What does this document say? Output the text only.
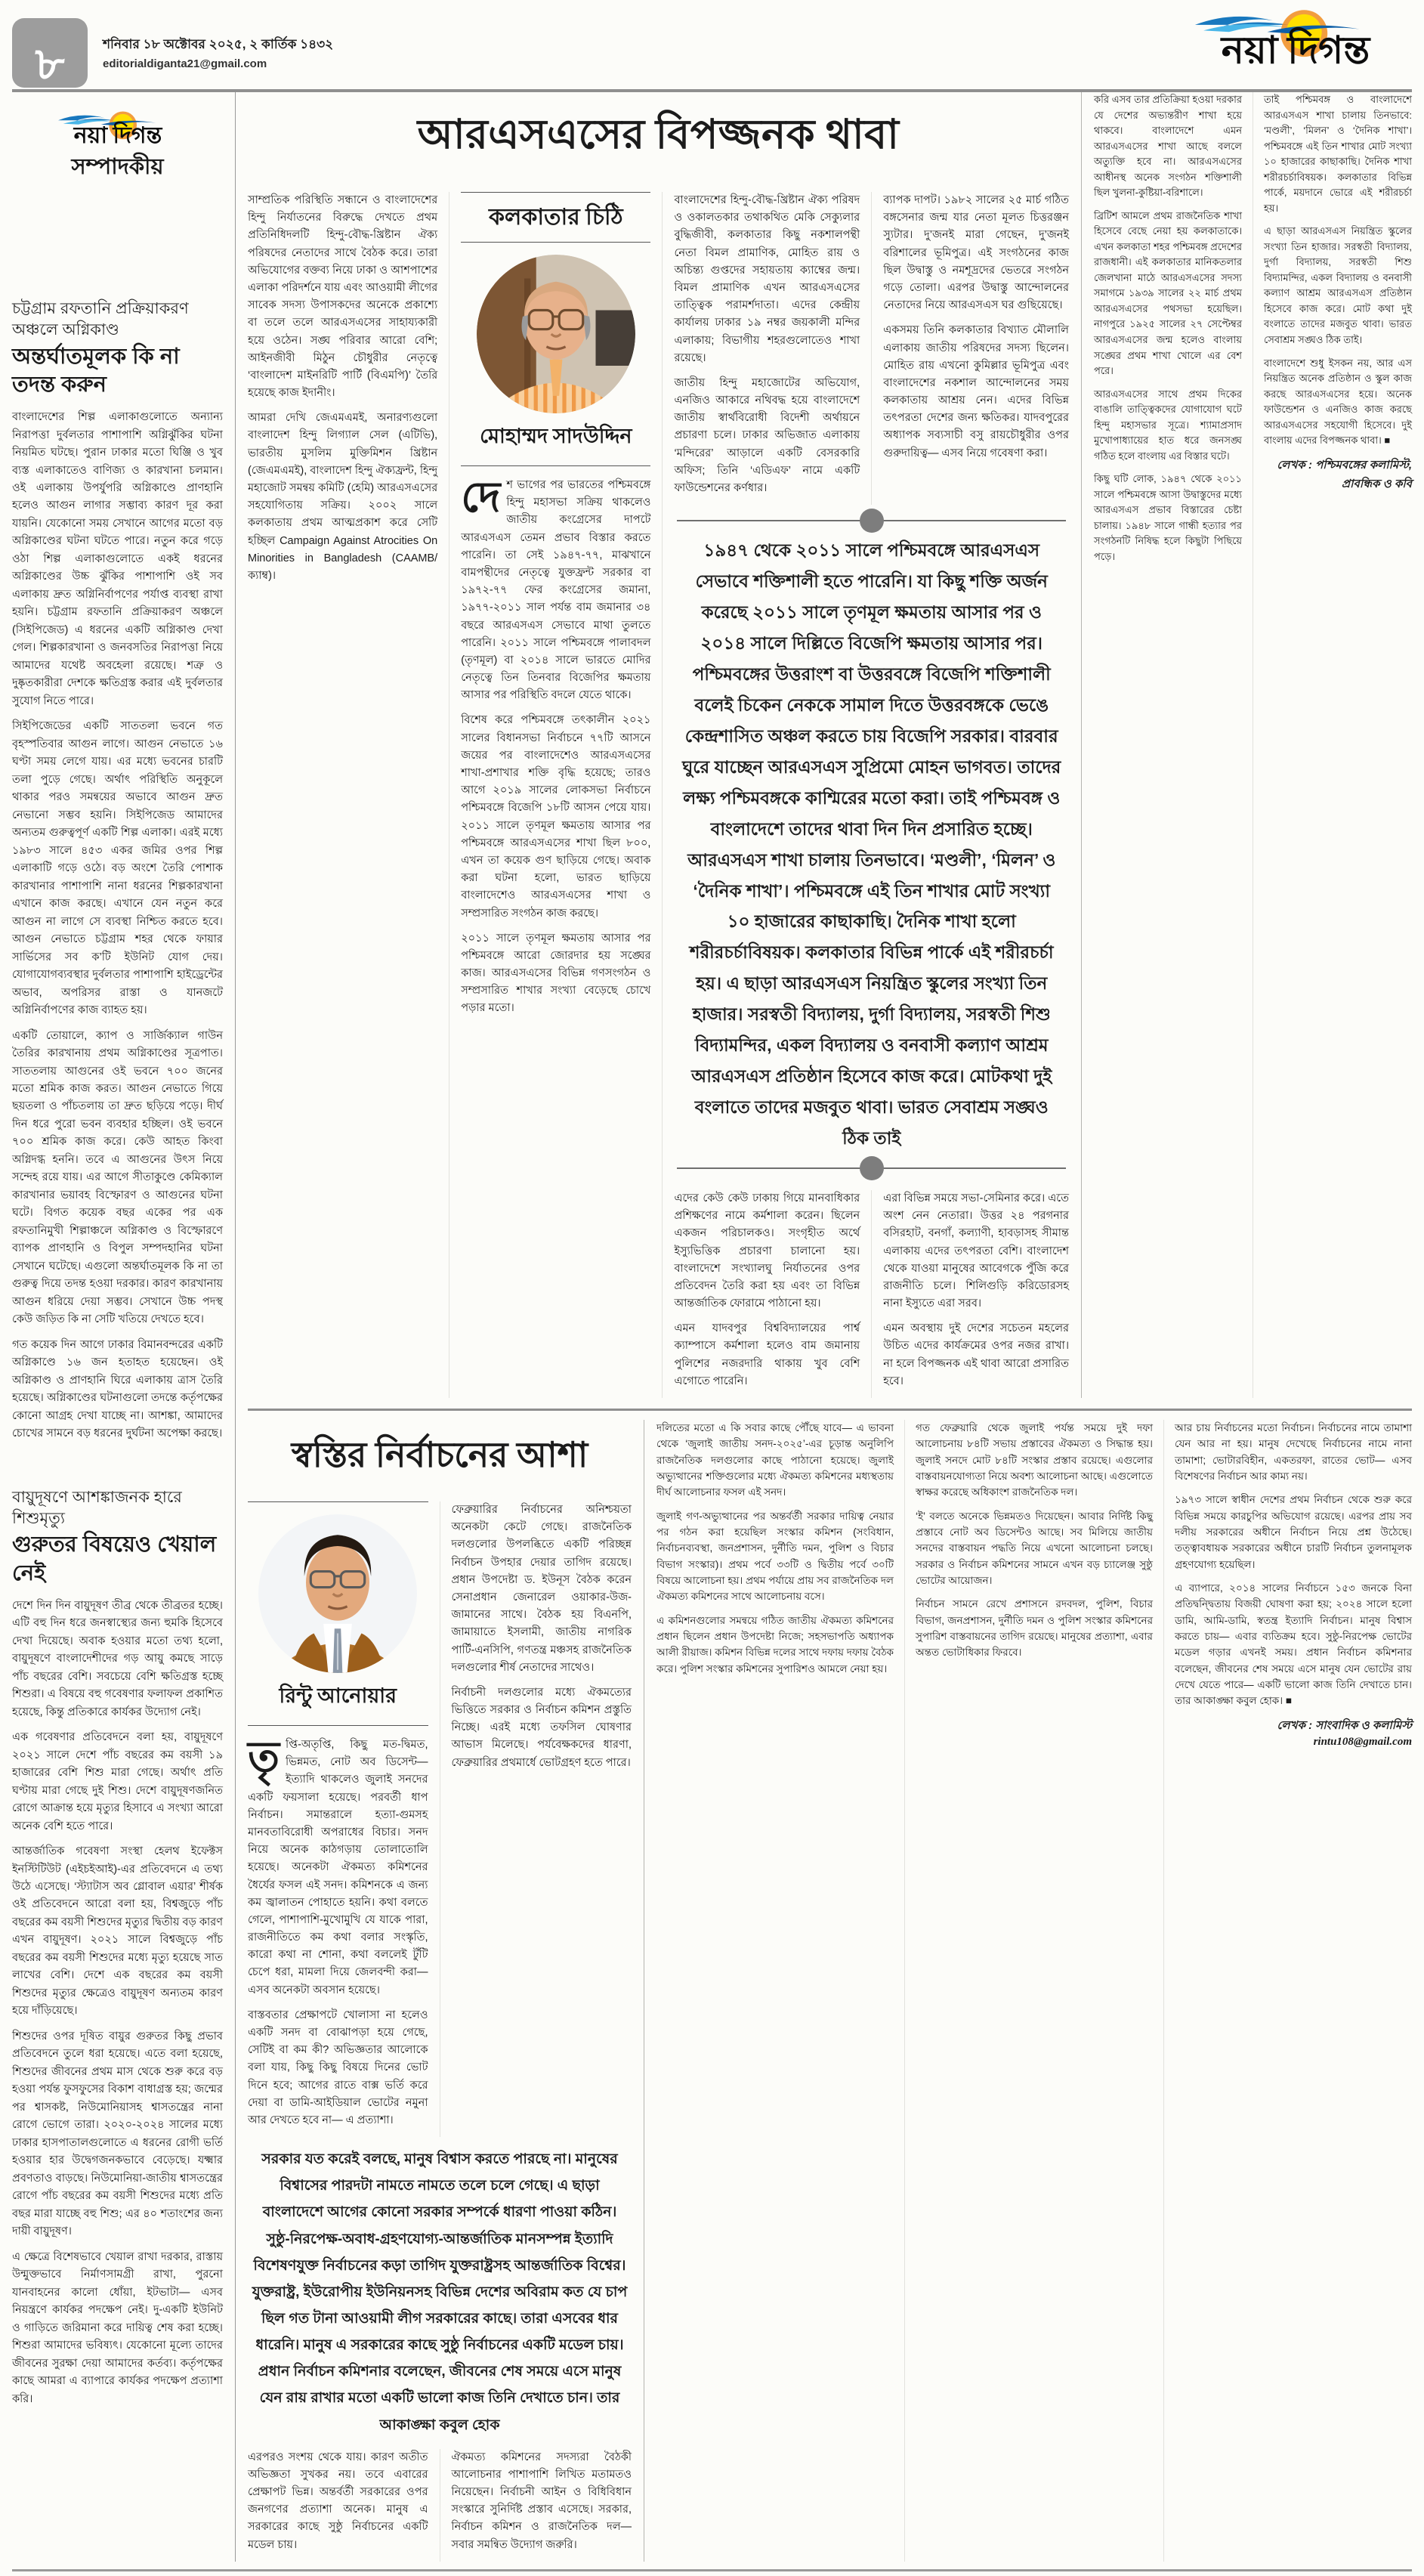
৮	শনিবার ১৮ অক্টোবর ২০২৫, ২ কার্তিক ১৪৩২
editorialdiganta21@gmail.com	নয়া দিগন্ত
নয়া দিগন্ত
সম্পাদকীয়
চট্টগ্রাম রফতানি প্রক্রিয়াকরণ অঞ্চলে অগ্নিকাণ্ড
অন্তর্ঘাতমূলক কি না তদন্ত করুন

বাংলাদেশের শিল্প এলাকাগুলোতে অন্যান্য নিরাপত্তা দুর্বলতার পাশাপাশি অগ্নিঝুঁকির ঘটনা নিয়মিত ঘটছে। পুরান ঢাকার মতো ঘিঞ্জি ও খুব ব্যস্ত এলাকাতেও বাণিজ্য ও কারখানা চলমান। ওই এলাকায় উপর্যুপরি অগ্নিকাণ্ডে প্রাণহানি হলেও আগুন লাগার সম্ভাব্য কারণ দূর করা যায়নি। যেকোনো সময় সেখানে আগের মতো বড় অগ্নিকাণ্ডের ঘটনা ঘটতে পারে। নতুন করে গড়ে ওঠা শিল্প এলাকাগুলোতে একই ধরনের অগ্নিকাণ্ডের উচ্চ ঝুঁকির পাশাপাশি ওই সব এলাকায় দ্রুত অগ্নিনির্বাপণের পর্যাপ্ত ব্যবস্থা রাখা হয়নি। চট্টগ্রাম রফতানি প্রক্রিয়াকরণ অঞ্চলে (সিইপিজেড) এ ধরনের একটি অগ্নিকাণ্ড দেখা গেল। শিল্পকারখানা ও জনবসতির নিরাপত্তা নিয়ে আমাদের যথেষ্ট অবহেলা রয়েছে। শত্রু ও দুষ্কৃতকারীরা দেশকে ক্ষতিগ্রস্ত করার এই দুর্বলতার সুযোগ নিতে পারে।

সিইপিজেডের একটি সাততলা ভবনে গত বৃহস্পতিবার আগুন লাগে। আগুন নেভাতে ১৬ ঘণ্টা সময় লেগে যায়। এর মধ্যে ভবনের চারটি তলা পুড়ে গেছে। অর্থাৎ পরিস্থিতি অনুকূলে থাকার পরও সমন্বয়ের অভাবে আগুন দ্রুত নেভানো সম্ভব হয়নি। সিইপিজেড আমাদের অন্যতম গুরুত্বপূর্ণ একটি শিল্প এলাকা। এরই মধ্যে ১৯৮৩ সালে ৪৫৩ একর জমির ওপর শিল্প এলাকাটি গড়ে ওঠে। বড় অংশে তৈরি পোশাক কারখানার পাশাপাশি নানা ধরনের শিল্পকারখানা এখানে কাজ করছে। এখানে যেন নতুন করে আগুন না লাগে সে ব্যবস্থা নিশ্চিত করতে হবে। আগুন নেভাতে চট্টগ্রাম শহর থেকে ফায়ার সার্ভিসের সব ক’টি ইউনিট যোগ দেয়। যোগাযোগব্যবস্থার দুর্বলতার পাশাপাশি হাইড্রেন্টের অভাব, অপরিসর রাস্তা ও যানজটে অগ্নিনির্বাপণের কাজ ব্যাহত হয়।

একটি তোয়ালে, ক্যাপ ও সার্জিক্যাল গাউন তৈরির কারখানায় প্রথম অগ্নিকাণ্ডের সূত্রপাত। সাততলায় আগুনের ওই ভবনে ৭০০ জনের মতো শ্রমিক কাজ করত। আগুন নেভাতে গিয়ে ছয়তলা ও পাঁচতলায় তা দ্রুত ছড়িয়ে পড়ে। দীর্ঘ দিন ধরে পুরো ভবন ব্যবহার হচ্ছিল। ওই ভবনে ৭০০ শ্রমিক কাজ করে। কেউ আহত কিংবা অগ্নিদগ্ধ হননি। তবে এ আগুনের উৎস নিয়ে সন্দেহ রয়ে যায়। এর আগে সীতাকুণ্ডে কেমিক্যাল কারখানার ভয়াবহ বিস্ফোরণ ও আগুনের ঘটনা ঘটে। বিগত কয়েক বছর একের পর এক রফতানিমুখী শিল্পাঞ্চলে অগ্নিকাণ্ড ও বিস্ফোরণে ব্যাপক প্রাণহানি ও বিপুল সম্পদহানির ঘটনা সেখানে ঘটেছে। এগুলো অন্তর্ঘাতমূলক কি না তা গুরুত্ব দিয়ে তদন্ত হওয়া দরকার। কারণ কারখানায় আগুন ধরিয়ে দেয়া সম্ভব। সেখানে উচ্চ পদস্থ কেউ জড়িত কি না সেটি খতিয়ে দেখতে হবে।

গত কয়েক দিন আগে ঢাকার বিমানবন্দরের একটি অগ্নিকাণ্ডে ১৬ জন হতাহত হয়েছেন। ওই অগ্নিকাণ্ড ও প্রাণহানি ঘিরে এলাকায় ত্রাস তৈরি হয়েছে। অগ্নিকাণ্ডের ঘটনাগুলো তদন্তে কর্তৃপক্ষের কোনো আগ্রহ দেখা যাচ্ছে না। আশঙ্কা, আমাদের চোখের সামনে বড় ধরনের দুর্ঘটনা অপেক্ষা করছে।

বায়ুদূষণে আশঙ্কাজনক হারে শিশুমৃত্যু
গুরুতর বিষয়েও খেয়াল নেই

দেশে দিন দিন বায়ুদূষণ তীব্র থেকে তীব্রতর হচ্ছে। এটি বহু দিন ধরে জনস্বাস্থ্যের জন্য হুমকি হিসেবে দেখা দিয়েছে। অবাক হওয়ার মতো তথ্য হলো, বায়ুদূষণে বাংলাদেশীদের গড় আয়ু কমছে সাড়ে পাঁচ বছরের বেশি। সবচেয়ে বেশি ক্ষতিগ্রস্ত হচ্ছে শিশুরা। এ বিষয়ে বহু গবেষণার ফলাফল প্রকাশিত হয়েছে, কিন্তু প্রতিকারে কার্যকর উদ্যোগ নেই।

এক গবেষণার প্রতিবেদনে বলা হয়, বায়ুদূষণে ২০২১ সালে দেশে পাঁচ বছরের কম বয়সী ১৯ হাজারের বেশি শিশু মারা গেছে। অর্থাৎ প্রতি ঘণ্টায় মারা গেছে দুই শিশু। দেশে বায়ুদূষণজনিত রোগে আক্রান্ত হয়ে মৃত্যুর হিসাবে এ সংখ্যা আরো অনেক বেশি হতে পারে।

আন্তর্জাতিক গবেষণা সংস্থা হেলথ ইফেক্টস ইনস্টিটিউট (এইচইআই)-এর প্রতিবেদনে এ তথ্য উঠে এসেছে। ‘স্ট্যাটাস অব গ্লোবাল এয়ার’ শীর্ষক ওই প্রতিবেদনে আরো বলা হয়, বিশ্বজুড়ে পাঁচ বছরের কম বয়সী শিশুদের মৃত্যুর দ্বিতীয় বড় কারণ এখন বায়ুদূষণ। ২০২১ সালে বিশ্বজুড়ে পাঁচ বছরের কম বয়সী শিশুদের মধ্যে মৃত্যু হয়েছে সাত লাখের বেশি। দেশে এক বছরের কম বয়সী শিশুদের মৃত্যুর ক্ষেত্রেও বায়ুদূষণ অন্যতম কারণ হয়ে দাঁড়িয়েছে।

শিশুদের ওপর দূষিত বায়ুর গুরুতর কিছু প্রভাব প্রতিবেদনে তুলে ধরা হয়েছে। এতে বলা হয়েছে, শিশুদের জীবনের প্রথম মাস থেকে শুরু করে বড় হওয়া পর্যন্ত ফুসফুসের বিকাশ বাধাগ্রস্ত হয়; জন্মের পর শ্বাসকষ্ট, নিউমোনিয়াসহ শ্বাসতন্ত্রের নানা রোগে ভোগে তারা। ২০২০-২০২৪ সালের মধ্যে ঢাকার হাসপাতালগুলোতে এ ধরনের রোগী ভর্তি হওয়ার হার উদ্বেগজনকভাবে বেড়েছে। যক্ষ্মার প্রবণতাও বাড়ছে। নিউমোনিয়া-জাতীয় শ্বাসতন্ত্রের রোগে পাঁচ বছরের কম বয়সী শিশুদের মধ্যে প্রতি বছর মারা যাচ্ছে বহু শিশু; এর ৪০ শতাংশের জন্য দায়ী বায়ুদূষণ।

এ ক্ষেত্রে বিশেষভাবে খেয়াল রাখা দরকার, রাস্তায় উন্মুক্তভাবে নির্মাণসামগ্রী রাখা, পুরনো যানবাহনের কালো ধোঁয়া, ইটভাটা— এসব নিয়ন্ত্রণে কার্যকর পদক্ষেপ নেই। দু-একটি ইউনিট ও গাড়িতে জরিমানা করে দায়িত্ব শেষ করা হচ্ছে। শিশুরা আমাদের ভবিষ্যৎ। যেকোনো মূল্যে তাদের জীবনের সুরক্ষা দেয়া আমাদের কর্তব্য। কর্তৃপক্ষের কাছে আমরা এ ব্যাপারে কার্যকর পদক্ষেপ প্রত্যাশা করি।

আরএসএসের বিপজ্জনক থাবা

সাম্প্রতিক পরিস্থিতি সন্ধানে ও বাংলাদেশের হিন্দু নির্যাতনের বিরুদ্ধে দেখতে প্রথম প্রতিনিধিদলটি হিন্দু-বৌদ্ধ-খ্রিষ্টান ঐক্য পরিষদের নেতাদের সাথে বৈঠক করে। তারা অভিযোগের বক্তব্য নিয়ে ঢাকা ও আশপাশের এলাকা পরিদর্শনে যায় এবং আওয়ামী লীগের সাবেক সদস্য উপাসকদের অনেকে প্রকাশ্যে বা তলে তলে আরএসএসের সাহায্যকারী হয়ে ওঠেন। সঙ্ঘ পরিবার আরো বেশি; আইনজীবী মিঠুন চৌধুরীর নেতৃত্বে ‘বাংলাদেশ মাইনরিটি পার্টি (বিএমপি)’ তৈরি হয়েছে কাজ ইদানীং।

আমরা দেখি জেএমএমই, অনারণ্যগুলো বাংলাদেশ হিন্দু লিগ্যাল সেল (এটিভি), ভারতীয় মুসলিম মুক্তিমিশন খ্রিষ্টান (জেএমএমই), বাংলাদেশ হিন্দু ঐক্যফ্রন্ট, হিন্দু মহাজোট সমন্বয় কমিটি (হেমি) আরএসএসের সহযোগিতায় সক্রিয়। ২০০২ সালে কলকাতায় প্রথম আত্মপ্রকাশ করে সেটি হচ্ছিল Campaign Against Atrocities On Minorities in Bangladesh (CAAMB/ক্যাম্ব)।

কলকাতার চিঠি
মোহাম্মদ সাদউদ্দিন

দেশ ভাগের পর ভারতের পশ্চিমবঙ্গে হিন্দু মহাসভা সক্রিয় থাকলেও জাতীয় কংগ্রেসের দাপটে আরএসএস তেমন প্রভাব বিস্তার করতে পারেনি। তা সেই ১৯৪৭-৭৭, মাঝখানে বামপন্থীদের নেতৃত্বে যুক্তফ্রন্ট সরকার বা ১৯৭২-৭৭ ফের কংগ্রেসের জমানা, ১৯৭৭-২০১১ সাল পর্যন্ত বাম জমানার ৩৪ বছরে আরএসএস সেভাবে মাথা তুলতে পারেনি। ২০১১ সালে পশ্চিমবঙ্গে পালাবদল (তৃণমূল) বা ২০১৪ সালে ভারতে মোদির নেতৃত্বে তিন তিনবার বিজেপির ক্ষমতায় আসার পর পরিস্থিতি বদলে যেতে থাকে।

বিশেষ করে পশ্চিমবঙ্গে তৎকালীন ২০২১ সালের বিধানসভা নির্বাচনে ৭৭টি আসনে জয়ের পর বাংলাদেশেও আরএসএসের শাখা-প্রশাখার শক্তি বৃদ্ধি হয়েছে; তারও আগে ২০১৯ সালের লোকসভা নির্বাচনে পশ্চিমবঙ্গে বিজেপি ১৮টি আসন পেয়ে যায়। ২০১১ সালে তৃণমূল ক্ষমতায় আসার পর পশ্চিমবঙ্গে আরএসএসের শাখা ছিল ৮০০, এখন তা কয়েক গুণ ছাড়িয়ে গেছে। অবাক করা ঘটনা হলো, ভারত ছাড়িয়ে বাংলাদেশেও আরএসএসের শাখা ও সম্প্রসারিত সংগঠন কাজ করছে।

২০১১ সালে তৃণমূল ক্ষমতায় আসার পর পশ্চিমবঙ্গে আরো জোরদার হয় সঙ্ঘের কাজ। আরএসএসের বিভিন্ন গণসংগঠন ও সম্প্রসারিত শাখার সংখ্যা বেড়েছে চোখে পড়ার মতো।

বাংলাদেশের হিন্দু-বৌদ্ধ-খ্রিষ্টান ঐক্য পরিষদ ও ওকালতকার তথাকথিত মেকি সেক্যুলার বুদ্ধিজীবী, কলকাতার কিছু নকশালপন্থী নেতা বিমল প্রামাণিক, মোহিত রায় ও অচিন্ত্য গুপ্তদের সহায়তায় ক্যাম্বের জন্ম। বিমল প্রামাণিক এখন আরএসএসের তাত্ত্বিক পরামর্শদাতা। এদের কেন্দ্রীয় কার্যালয় ঢাকার ১৯ নম্বর জয়কালী মন্দির এলাকায়; বিভাগীয় শহরগুলোতেও শাখা রয়েছে।

জাতীয় হিন্দু মহাজোটের অভিযোগ, এনজিও আকারে নথিবদ্ধ হয়ে বাংলাদেশে জাতীয় স্বার্থবিরোধী বিদেশী অর্থায়নে প্রচারণা চলে। ঢাকার অভিজাত এলাকায় ‘মন্দিরের’ আড়ালে একটি বেসরকারি অফিস; তিনি ‘এডিএফ’ নামে একটি ফাউন্ডেশনের কর্ণধার।

ব্যাপক দাপট। ১৯৮২ সালের ২৫ মার্চ গঠিত বঙ্গসেনার জন্ম যার নেতা মূলত চিত্তরঞ্জন স্যুটার। দু’জনই মারা গেছেন, দু’জনই বরিশালের ভূমিপুত্র। এই সংগঠনের কাজ ছিল উদ্বাস্তু ও নমশূদ্রদের ভেতরে সংগঠন গড়ে তোলা। এরপর উদ্বাস্তু আন্দোলনের নেতাদের নিয়ে আরএসএস ঘর গুছিয়েছে।

একসময় তিনি কলকাতার বিখ্যাত মৌলালি এলাকায় জাতীয় পরিষদের সদস্য ছিলেন। মোহিত রায় এখনো কুমিল্লার ভূমিপুত্র এবং বাংলাদেশের নকশাল আন্দোলনের সময় কলকাতায় আশ্রয় নেন। এদের বিভিন্ন তৎপরতা দেশের জন্য ক্ষতিকর। যাদবপুরের অধ্যাপক সব্যসাচী বসু রায়চৌধুরীর ওপর গুরুদায়িত্ব— এসব নিয়ে গবেষণা করা।

১৯৪৭ থেকে ২০১১ সালে পশ্চিমবঙ্গে আরএসএস সেভাবে শক্তিশালী হতে পারেনি। যা কিছু শক্তি অর্জন করেছে ২০১১ সালে তৃণমূল ক্ষমতায় আসার পর ও ২০১৪ সালে দিল্লিতে বিজেপি ক্ষমতায় আসার পর। পশ্চিমবঙ্গের উত্তরাংশ বা উত্তরবঙ্গে বিজেপি শক্তিশালী বলেই চিকেন নেককে সামাল দিতে উত্তরবঙ্গকে ভেঙে কেন্দ্রশাসিত অঞ্চল করতে চায় বিজেপি সরকার। বারবার ঘুরে যাচ্ছেন আরএসএস সুপ্রিমো মোহন ভাগবত। তাদের লক্ষ্য পশ্চিমবঙ্গকে কাশ্মিরের মতো করা। তাই পশ্চিমবঙ্গ ও বাংলাদেশে তাদের থাবা দিন দিন প্রসারিত হচ্ছে। আরএসএস শাখা চালায় তিনভাবে। ‘মণ্ডলী’, ‘মিলন’ ও ‘দৈনিক শাখা’। পশ্চিমবঙ্গে এই তিন শাখার মোট সংখ্যা ১০ হাজারের কাছাকাছি। দৈনিক শাখা হলো শরীরচর্চাবিষয়ক। কলকাতার বিভিন্ন পার্কে এই শরীরচর্চা হয়। এ ছাড়া আরএসএস নিয়ন্ত্রিত স্কুলের সংখ্যা তিন হাজার। সরস্বতী বিদ্যালয়, দুর্গা বিদ্যালয়, সরস্বতী শিশু বিদ্যামন্দির, একল বিদ্যালয় ও বনবাসী কল্যাণ আশ্রম আরএসএস প্রতিষ্ঠান হিসেবে কাজ করে। মোটকথা দুই বংলাতে তাদের মজবুত থাবা। ভারত সেবাশ্রম সঙ্ঘও ঠিক তাই

এদের কেউ কেউ ঢাকায় গিয়ে মানবাধিকার প্রশিক্ষণের নামে কর্মশালা করেন। ছিলেন একজন পরিচালকও। সংগৃহীত অর্থে ইস্যুভিত্তিক প্রচারণা চালানো হয়। বাংলাদেশে সংখ্যালঘু নির্যাতনের ওপর প্রতিবেদন তৈরি করা হয় এবং তা বিভিন্ন আন্তর্জাতিক ফোরামে পাঠানো হয়।

এমন যাদবপুর বিশ্ববিদ্যালয়ের পার্শ্ব ক্যাম্পাসে কর্মশালা হলেও বাম জমানায় পুলিশের নজরদারি থাকায় খুব বেশি এগোতে পারেনি।

এরা বিভিন্ন সময়ে সভা-সেমিনার করে। এতে অংশ নেন নেতারা। উত্তর ২৪ পরগনার বসিরহাট, বনগাঁ, কল্যাণী, হাবড়াসহ সীমান্ত এলাকায় এদের তৎপরতা বেশি। বাংলাদেশ থেকে যাওয়া মানুষের আবেগকে পুঁজি করে রাজনীতি চলে। শিলিগুড়ি করিডোরসহ নানা ইস্যুতে এরা সরব।

এমন অবস্থায় দুই দেশের সচেতন মহলের উচিত এদের কার্যক্রমের ওপর নজর রাখা। না হলে বিপজ্জনক এই থাবা আরো প্রসারিত হবে।

করি এসব তার প্রতিক্রিয়া হওয়া দরকার যে দেশের অভ্যন্তরীণ শাখা হয়ে থাকবে। বাংলাদেশে এমন আরএসএসের শাখা আছে বললে অত্যুক্তি হবে না। আরএসএসের আধীনস্থ অনেক সংগঠন শক্তিশালী ছিল খুলনা-কুষ্টিয়া-বরিশালে।

ব্রিটিশ আমলে প্রথম রাজনৈতিক শাখা হিসেবে বেছে নেয়া হয় কলকাতাকে। এখন কলকাতা শহর পশ্চিমবঙ্গ প্রদেশের রাজধানী। এই কলকাতার মানিকতলার জেলখানা মাঠে আরএসএসের সদস্য সমাগমে ১৯৩৯ সালের ২২ মার্চ প্রথম আরএসএসের পথসভা হয়েছিল। নাগপুরে ১৯২৫ সালের ২৭ সেপ্টেম্বর আরএসএসের জন্ম হলেও বাংলায় সঙ্ঘের প্রথম শাখা খোলে এর বেশ পরে।

আরএসএসের সাথে প্রথম দিকের বাঙালি তাত্ত্বিকদের যোগাযোগ ঘটে হিন্দু মহাসভার সূত্রে। শ্যামাপ্রসাদ মুখোপাধ্যায়ের হাত ধরে জনসঙ্ঘ গঠিত হলে বাংলায় এর বিস্তার ঘটে।

কিছু ঘটি লোক, ১৯৪৭ থেকে ২০১১ সালে পশ্চিমবঙ্গে আসা উদ্বাস্তুদের মধ্যে আরএসএস প্রভাব বিস্তারের চেষ্টা চালায়। ১৯৪৮ সালে গান্ধী হত্যার পর সংগঠনটি নিষিদ্ধ হলে কিছুটা পিছিয়ে পড়ে।

তাই পশ্চিমবঙ্গ ও বাংলাদেশে আরএসএস শাখা চালায় তিনভাবে: ‘মণ্ডলী’, ‘মিলন’ ও ‘দৈনিক শাখা’। পশ্চিমবঙ্গে এই তিন শাখার মোট সংখ্যা ১০ হাজারের কাছাকাছি। দৈনিক শাখা শরীরচর্চাবিষয়ক। কলকাতার বিভিন্ন পার্কে, ময়দানে ভোরে এই শরীরচর্চা হয়।

এ ছাড়া আরএসএস নিয়ন্ত্রিত স্কুলের সংখ্যা তিন হাজার। সরস্বতী বিদ্যালয়, দুর্গা বিদ্যালয়, সরস্বতী শিশু বিদ্যামন্দির, একল বিদ্যালয় ও বনবাসী কল্যাণ আশ্রম আরএসএস প্রতিষ্ঠান হিসেবে কাজ করে। মোট কথা দুই বংলাতে তাদের মজবুত থাবা। ভারত সেবাশ্রম সঙ্ঘও ঠিক তাই।

বাংলাদেশে শুধু ইসকন নয়, আর এস নিয়ন্ত্রিত অনেক প্রতিষ্ঠান ও স্কুল কাজ করছে আরএসএসের হয়ে। অনেক ফাউন্ডেশন ও এনজিও কাজ করছে আরএসএসের সহযোগী হিসেবে। দুই বাংলায় এদের বিপজ্জনক থাবা। ■

লেখক : পশ্চিমবঙ্গের কলামিস্ট, প্রাবন্ধিক ও কবি
স্বস্তির নির্বাচনের আশা
রিন্টু আনোয়ার

তৃপ্তি-অতৃপ্তি, কিছু মত-দ্বিমত, ভিন্নমত, নোট অব ডিসেন্ট— ইত্যাদি থাকলেও জুলাই সনদের একটি ফয়সালা হয়েছে। পরবর্তী ধাপ নির্বাচন। সমান্তরালে হত্যা-গুমসহ মানবতাবিরোধী অপরাধের বিচার। সনদ নিয়ে অনেক কাঠগড়ায় তোলাতোলি হয়েছে। অনেকটা ঐকমত্য কমিশনের ধৈর্যের ফসল এই সনদ। কমিশনকে এ জন্য কম জ্বালাতন পোহাতে হয়নি। কথা বলতে গেলে, পাশাপাশি-মুখোমুখি যে যাকে পারা, রাজনীতিতে কম কথা বলার সংস্কৃতি, কারো কথা না শোনা, কথা বললেই টুঁটি চেপে ধরা, মামলা দিয়ে জেলবন্দী করা— এসব অনেকটা অবসান হয়েছে।

বাস্তবতার প্রেক্ষাপটে খোলাসা না হলেও একটি সনদ বা বোঝাপড়া হয়ে গেছে, সেটিই বা কম কী? অভিজ্ঞতার আলোকে বলা যায়, কিছু কিছু বিষয়ে দিনের ভোট দিনে হবে; আগের রাতে বাক্স ভর্তি করে দেয়া বা ডামি-আইডিয়াল ভোটের নমুনা আর দেখতে হবে না— এ প্রত্যাশা।

ফেব্রুয়ারির নির্বাচনের অনিশ্চয়তা অনেকটা কেটে গেছে। রাজনৈতিক দলগুলোর উপলব্ধিতে একটি পরিচ্ছন্ন নির্বাচন উপহার দেয়ার তাগিদ রয়েছে। প্রধান উপদেষ্টা ড. ইউনূস বৈঠক করেন সেনাপ্রধান জেনারেল ওয়াকার-উজ-জামানের সাথে। বৈঠক হয় বিএনপি, জামায়াতে ইসলামী, জাতীয় নাগরিক পার্টি-এনসিপি, গণতন্ত্র মঞ্চসহ রাজনৈতিক দলগুলোর শীর্ষ নেতাদের সাথেও।

নির্বাচনী দলগুলোর মধ্যে ঐকমত্যের ভিত্তিতে সরকার ও নির্বাচন কমিশন প্রস্তুতি নিচ্ছে। এরই মধ্যে তফসিল ঘোষণার আভাস মিলেছে। পর্যবেক্ষকদের ধারণা, ফেব্রুয়ারির প্রথমার্ধে ভোটগ্রহণ হতে পারে।

সরকার যত করেই বলছে, মানুষ বিশ্বাস করতে পারছে না। মানুষের বিশ্বাসের পারদটা নামতে নামতে তলে চলে গেছে। এ ছাড়া বাংলাদেশে আগের কোনো সরকার সম্পর্কে ধারণা পাওয়া কঠিন। সুষ্ঠু-নিরপেক্ষ-অবাধ-গ্রহণযোগ্য-আন্তর্জাতিক মানসম্পন্ন ইত্যাদি বিশেষণযুক্ত নির্বাচনের কড়া তাগিদ যুক্তরাষ্ট্রসহ আন্তর্জাতিক বিশ্বের। যুক্তরাষ্ট্র, ইউরোপীয় ইউনিয়নসহ বিভিন্ন দেশের অবিরাম কত যে চাপ ছিল গত টানা আওয়ামী লীগ সরকারের কাছে। তারা এসবের ধার ধারেনি। মানুষ এ সরকারের কাছে সুষ্ঠু নির্বাচনের একটি মডেল চায়। প্রধান নির্বাচন কমিশনার বলেছেন, জীবনের শেষ সময়ে এসে মানুষ যেন রায় রাখার মতো একটি ভালো কাজ তিনি দেখাতে চান। তার আকাঙ্ক্ষা কবুল হোক

এরপরও সংশয় থেকে যায়। কারণ অতীত অভিজ্ঞতা সুখকর নয়। তবে এবারের প্রেক্ষাপট ভিন্ন। অন্তর্বর্তী সরকারের ওপর জনগণের প্রত্যাশা অনেক। মানুষ এ সরকারের কাছে সুষ্ঠু নির্বাচনের একটি মডেল চায়।

ঐকমত্য কমিশনের সদস্যরা বৈঠকী আলোচনার পাশাপাশি লিখিত মতামতও নিয়েছেন। নির্বাচনী আইন ও বিধিবিধান সংস্কারে সুনির্দিষ্ট প্রস্তাব এসেছে। সরকার, নির্বাচন কমিশন ও রাজনৈতিক দল— সবার সমন্বিত উদ্যোগ জরুরি।

দলিতের মতো এ কি সবার কাছে পৌঁছে যাবে— এ ভাবনা থেকে ‘জুলাই জাতীয় সনদ-২০২৫’-এর চূড়ান্ত অনুলিপি রাজনৈতিক দলগুলোর কাছে পাঠানো হয়েছে। জুলাই অভ্যুত্থানের শক্তিগুলোর মধ্যে ঐকমত্য কমিশনের মধ্যস্থতায় দীর্ঘ আলোচনার ফসল এই সনদ।

জুলাই গণ-অভ্যুত্থানের পর অন্তর্বর্তী সরকার দায়িত্ব নেয়ার পর গঠন করা হয়েছিল সংস্কার কমিশন (সংবিধান, নির্বাচনব্যবস্থা, জনপ্রশাসন, দুর্নীতি দমন, পুলিশ ও বিচার বিভাগ সংস্কার)। প্রথম পর্বে ৩৩টি ও দ্বিতীয় পর্বে ৩০টি বিষয়ে আলোচনা হয়। প্রথম পর্যায়ে প্রায় সব রাজনৈতিক দল ঐকমত্য কমিশনের সাথে আলোচনায় বসে।

এ কমিশনগুলোর সমন্বয়ে গঠিত জাতীয় ঐকমত্য কমিশনের প্রধান ছিলেন প্রধান উপদেষ্টা নিজে; সহসভাপতি অধ্যাপক আলী রীয়াজ। কমিশন বিভিন্ন দলের সাথে দফায় দফায় বৈঠক করে। পুলিশ সংস্কার কমিশনের সুপারিশও আমলে নেয়া হয়।

গত ফেব্রুয়ারি থেকে জুলাই পর্যন্ত সময়ে দুই দফা আলোচনায় ৮৪টি সভায় প্রস্তাবের ঐকমত্য ও সিদ্ধান্ত হয়। জুলাই সনদে মোট ৮৪টি সংস্কার প্রস্তাব রয়েছে। এগুলোর বাস্তবায়নযোগ্যতা নিয়ে অবশ্য আলোচনা আছে। এগুলোতে স্বাক্ষর করেছে অধিকাংশ রাজনৈতিক দল।

‘ই’ বলতে অনেকে ভিন্নমতও দিয়েছেন। আবার নির্দিষ্ট কিছু প্রস্তাবে নোট অব ডিসেন্টও আছে। সব মিলিয়ে জাতীয় সনদের বাস্তবায়ন পদ্ধতি নিয়ে এখনো আলোচনা চলছে। সরকার ও নির্বাচন কমিশনের সামনে এখন বড় চ্যালেঞ্জ সুষ্ঠু ভোটের আয়োজন।

নির্বাচন সামনে রেখে প্রশাসনে রদবদল, পুলিশ, বিচার বিভাগ, জনপ্রশাসন, দুর্নীতি দমন ও পুলিশ সংস্কার কমিশনের সুপারিশ বাস্তবায়নের তাগিদ রয়েছে। মানুষের প্রত্যাশা, এবার অন্তত ভোটাধিকার ফিরবে।

আর চায় নির্বাচনের মতো নির্বাচন। নির্বাচনের নামে তামাশা যেন আর না হয়। মানুষ দেখেছে নির্বাচনের নামে নানা তামাশা; ভোটারবিহীন, একতরফা, রাতের ভোট— এসব বিশেষণের নির্বাচন আর কাম্য নয়।

১৯৭৩ সালে স্বাধীন দেশের প্রথম নির্বাচন থেকে শুরু করে বিভিন্ন সময়ে কারচুপির অভিযোগ রয়েছে। এরপর প্রায় সব দলীয় সরকারের অধীনে নির্বাচন নিয়ে প্রশ্ন উঠেছে। তত্ত্বাবধায়ক সরকারের অধীনে চারটি নির্বাচন তুলনামূলক গ্রহণযোগ্য হয়েছিল।

এ ব্যাপারে, ২০১৪ সালের নির্বাচনে ১৫৩ জনকে বিনা প্রতিদ্বন্দ্বিতায় বিজয়ী ঘোষণা করা হয়; ২০২৪ সালে হলো ডামি, আমি-ডামি, স্বতন্ত্র ইত্যাদি নির্বাচন। মানুষ বিশ্বাস করতে চায়— এবার ব্যতিক্রম হবে। সুষ্ঠু-নিরপেক্ষ ভোটের মডেল গড়ার এখনই সময়। প্রধান নির্বাচন কমিশনার বলেছেন, জীবনের শেষ সময়ে এসে মানুষ যেন ভোটের রায় দেখে যেতে পারে— একটি ভালো কাজ তিনি দেখাতে চান। তার আকাঙ্ক্ষা কবুল হোক। ■

লেখক : সাংবাদিক ও কলামিস্ট
rintu108@gmail.com
